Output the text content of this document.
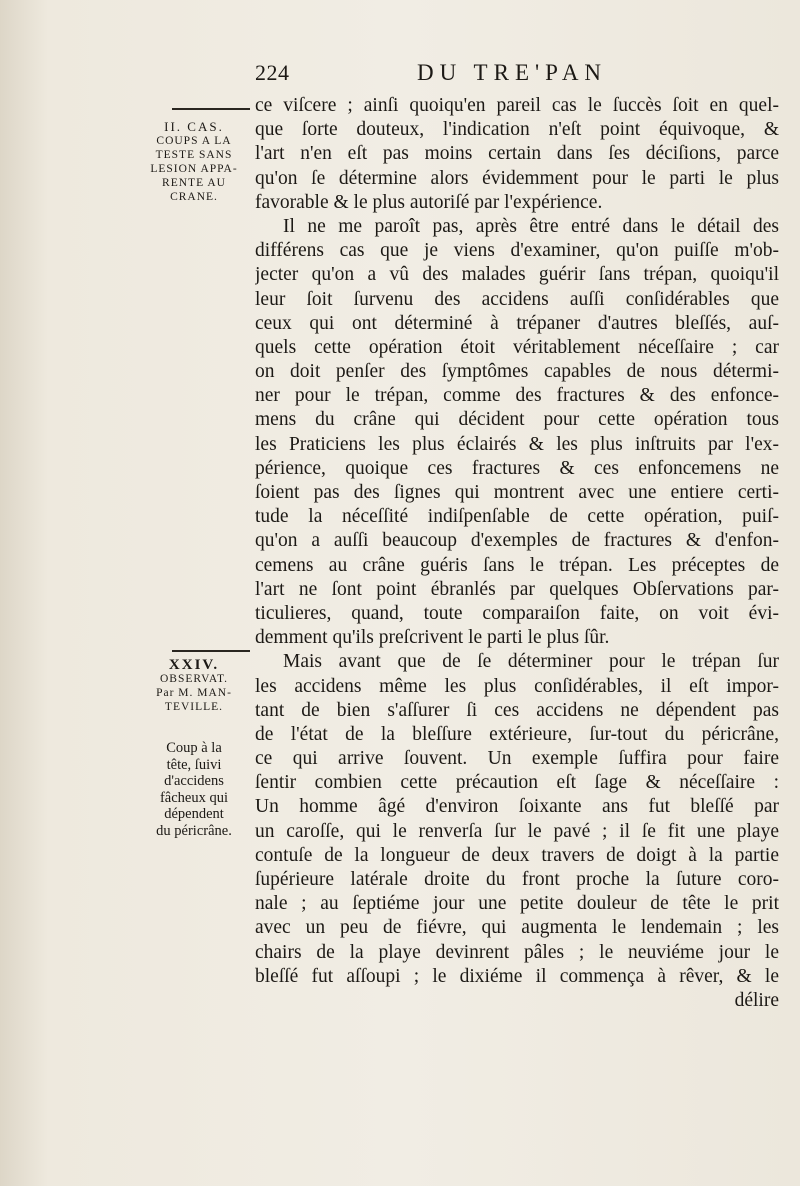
224	DU TRE'PAN
II. CAS.
COUPS A LA
TESTE SANS
LESION APPA-
RENTE AU
CRANE.
XXIV.
OBSERVAT.
Par M. MAN-
TEVILLE.
Coup à la
tête, ſuivi
d'accidens
fâcheux qui
dépendent
du péricrâne.
ce viſcere ; ainſi quoiqu'en pareil cas le ſuccès ſoit en quel-
que ſorte douteux, l'indication n'eſt point équivoque, &
l'art n'en eſt pas moins certain dans ſes déciſions, parce
qu'on ſe détermine alors évidemment pour le parti le plus
favorable & le plus autoriſé par l'expérience.
Il ne me paroît pas, après être entré dans le détail des
différens cas que je viens d'examiner, qu'on puiſſe m'ob-
jecter qu'on a vû des malades guérir ſans trépan, quoiqu'il
leur ſoit ſurvenu des accidens auſſi conſidérables que
ceux qui ont déterminé à trépaner d'autres bleſſés, auſ-
quels cette opération étoit véritablement néceſſaire ; car
on doit penſer des ſymptômes capables de nous détermi-
ner pour le trépan, comme des fractures & des enfonce-
mens du crâne qui décident pour cette opération tous
les Praticiens les plus éclairés & les plus inſtruits par l'ex-
périence, quoique ces fractures & ces enfoncemens ne
ſoient pas des ſignes qui montrent avec une entiere certi-
tude la néceſſité indiſpenſable de cette opération, puiſ-
qu'on a auſſi beaucoup d'exemples de fractures & d'enfon-
cemens au crâne guéris ſans le trépan. Les préceptes de
l'art ne ſont point ébranlés par quelques Obſervations par-
ticulieres, quand, toute comparaiſon faite, on voit évi-
demment qu'ils preſcrivent le parti le plus ſûr.
Mais avant que de ſe déterminer pour le trépan ſur
les accidens même les plus conſidérables, il eſt impor-
tant de bien s'aſſurer ſi ces accidens ne dépendent pas
de l'état de la bleſſure extérieure, ſur-tout du péricrâne,
ce qui arrive ſouvent. Un exemple ſuffira pour faire
ſentir combien cette précaution eſt ſage & néceſſaire :
Un homme âgé d'environ ſoixante ans fut bleſſé par
un caroſſe, qui le renverſa ſur le pavé ; il ſe fit une playe
contuſe de la longueur de deux travers de doigt à la partie
ſupérieure latérale droite du front proche la ſuture coro-
nale ; au ſeptiéme jour une petite douleur de tête le prit
avec un peu de fiévre, qui augmenta le lendemain ; les
chairs de la playe devinrent pâles ; le neuviéme jour le
bleſſé fut aſſoupi ; le dixiéme il commença à rêver, & le
délire
